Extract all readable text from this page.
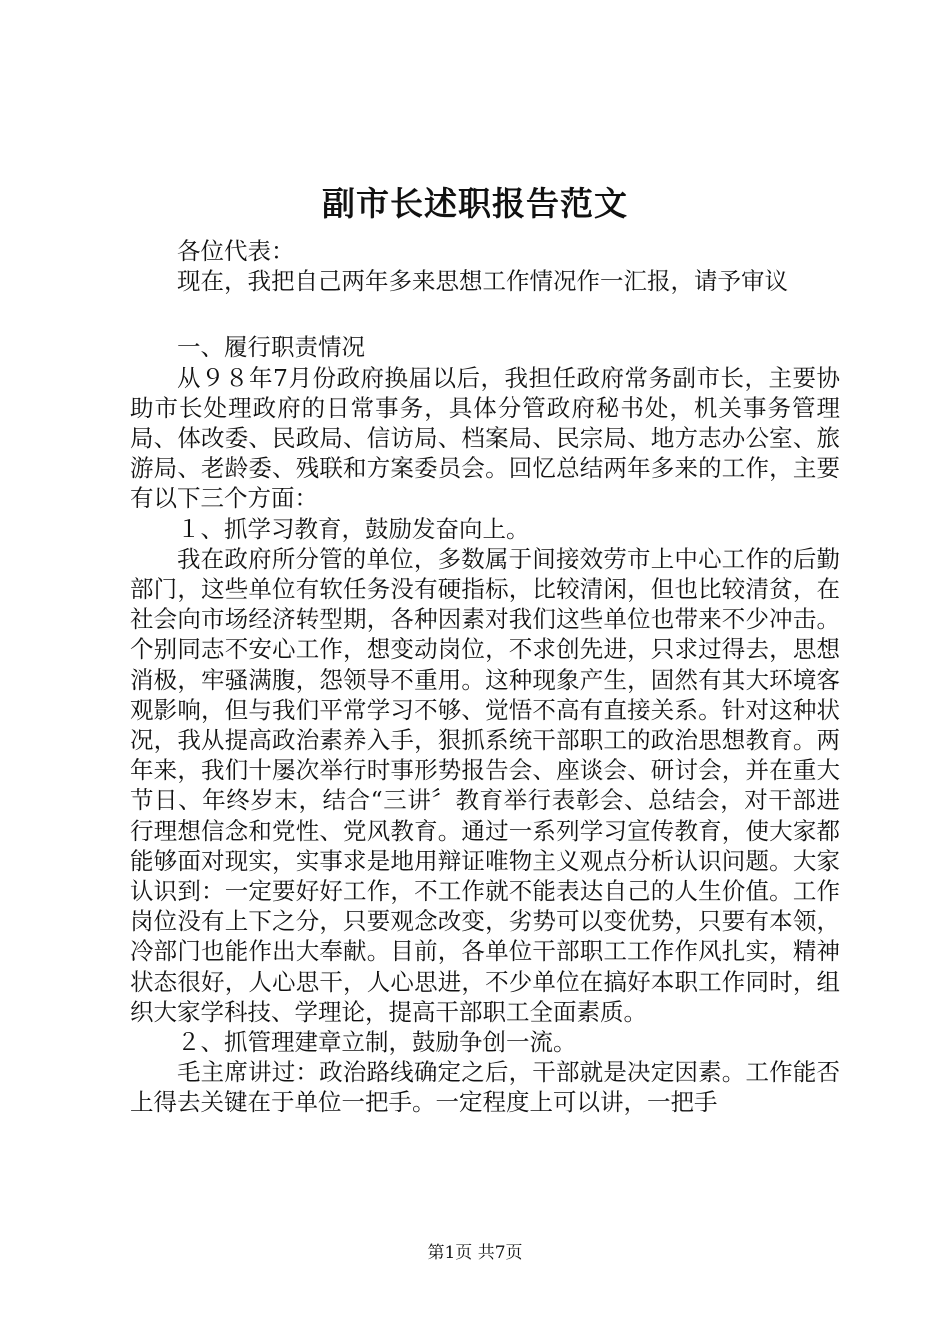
副市长述职报告范文

各位代表：

现在，我把自己两年多来思想工作情况作一汇报，请予审议

一、履行职责情况

从９８年7月份政府换届以后，我担任政府常务副市长，主要协助市长处理政府的日常事务，具体分管政府秘书处，机关事务管理局、体改委、民政局、信访局、档案局、民宗局、地方志办公室、旅游局、老龄委、残联和方案委员会。回忆总结两年多来的工作，主要有以下三个方面：

１、抓学习教育，鼓励发奋向上。

我在政府所分管的单位，多数属于间接效劳市上中心工作的后勤部门，这些单位有软任务没有硬指标，比较清闲，但也比较清贫，在社会向市场经济转型期，各种因素对我们这些单位也带来不少冲击。个别同志不安心工作，想变动岗位，不求创先进，只求过得去，思想消极，牢骚满腹，怨领导不重用。这种现象产生，固然有其大环境客观影响，但与我们平常学习不够、觉悟不高有直接关系。针对这种状况，我从提高政治素养入手，狠抓系统干部职工的政治思想教育。两年来，我们十屡次举行时事形势报告会、座谈会、研讨会，并在重大节日、年终岁末，结合“三讲〞教育举行表彰会、总结会，对干部进行理想信念和党性、党风教育。通过一系列学习宣传教育，使大家都能够面对现实，实事求是地用辩证唯物主义观点分析认识问题。大家认识到：一定要好好工作，不工作就不能表达自己的人生价值。工作岗位没有上下之分，只要观念改变，劣势可以变优势，只要有本领，冷部门也能作出大奉献。目前，各单位干部职工工作作风扎实，精神状态很好，人心思干，人心思进，不少单位在搞好本职工作同时，组织大家学科技、学理论，提高干部职工全面素质。

２、抓管理建章立制，鼓励争创一流。

毛主席讲过：政治路线确定之后，干部就是决定因素。工作能否上得去关键在于单位一把手。一定程度上可以讲，一把手

第1页 共7页
